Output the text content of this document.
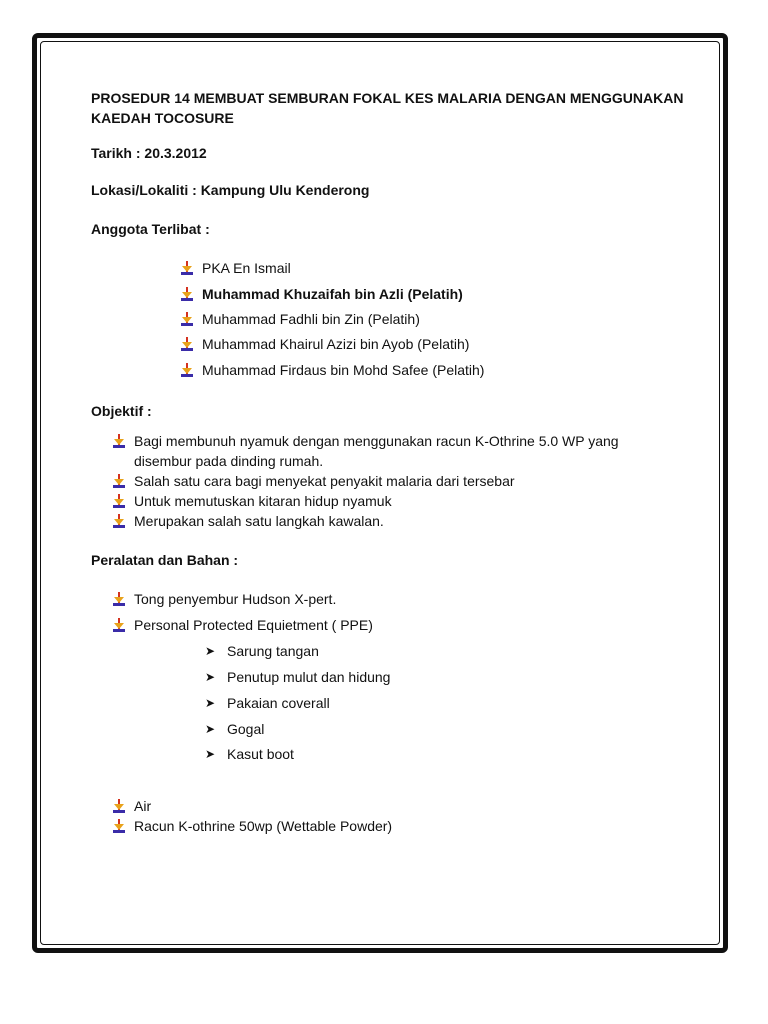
PROSEDUR 14 MEMBUAT SEMBURAN FOKAL KES MALARIA DENGAN MENGGUNAKAN KAEDAH TOCOSURE
Tarikh : 20.3.2012
Lokasi/Lokaliti : Kampung Ulu Kenderong
Anggota Terlibat :
PKA En Ismail
Muhammad Khuzaifah bin Azli (Pelatih)
Muhammad Fadhli bin Zin (Pelatih)
Muhammad Khairul Azizi bin Ayob (Pelatih)
Muhammad Firdaus bin Mohd Safee (Pelatih)
Objektif :
Bagi membunuh nyamuk dengan menggunakan racun K-Othrine 5.0 WP yang disembur pada dinding rumah.
Salah satu cara bagi menyekat penyakit malaria dari tersebar
Untuk memutuskan kitaran hidup nyamuk
Merupakan salah satu langkah kawalan.
Peralatan dan Bahan :
Tong penyembur Hudson X-pert.
Personal Protected Equietment ( PPE)
➤ Sarung tangan
➤ Penutup mulut dan hidung
➤ Pakaian coverall
➤ Gogal
➤ Kasut boot
Air
Racun K-othrine 50wp (Wettable Powder)
